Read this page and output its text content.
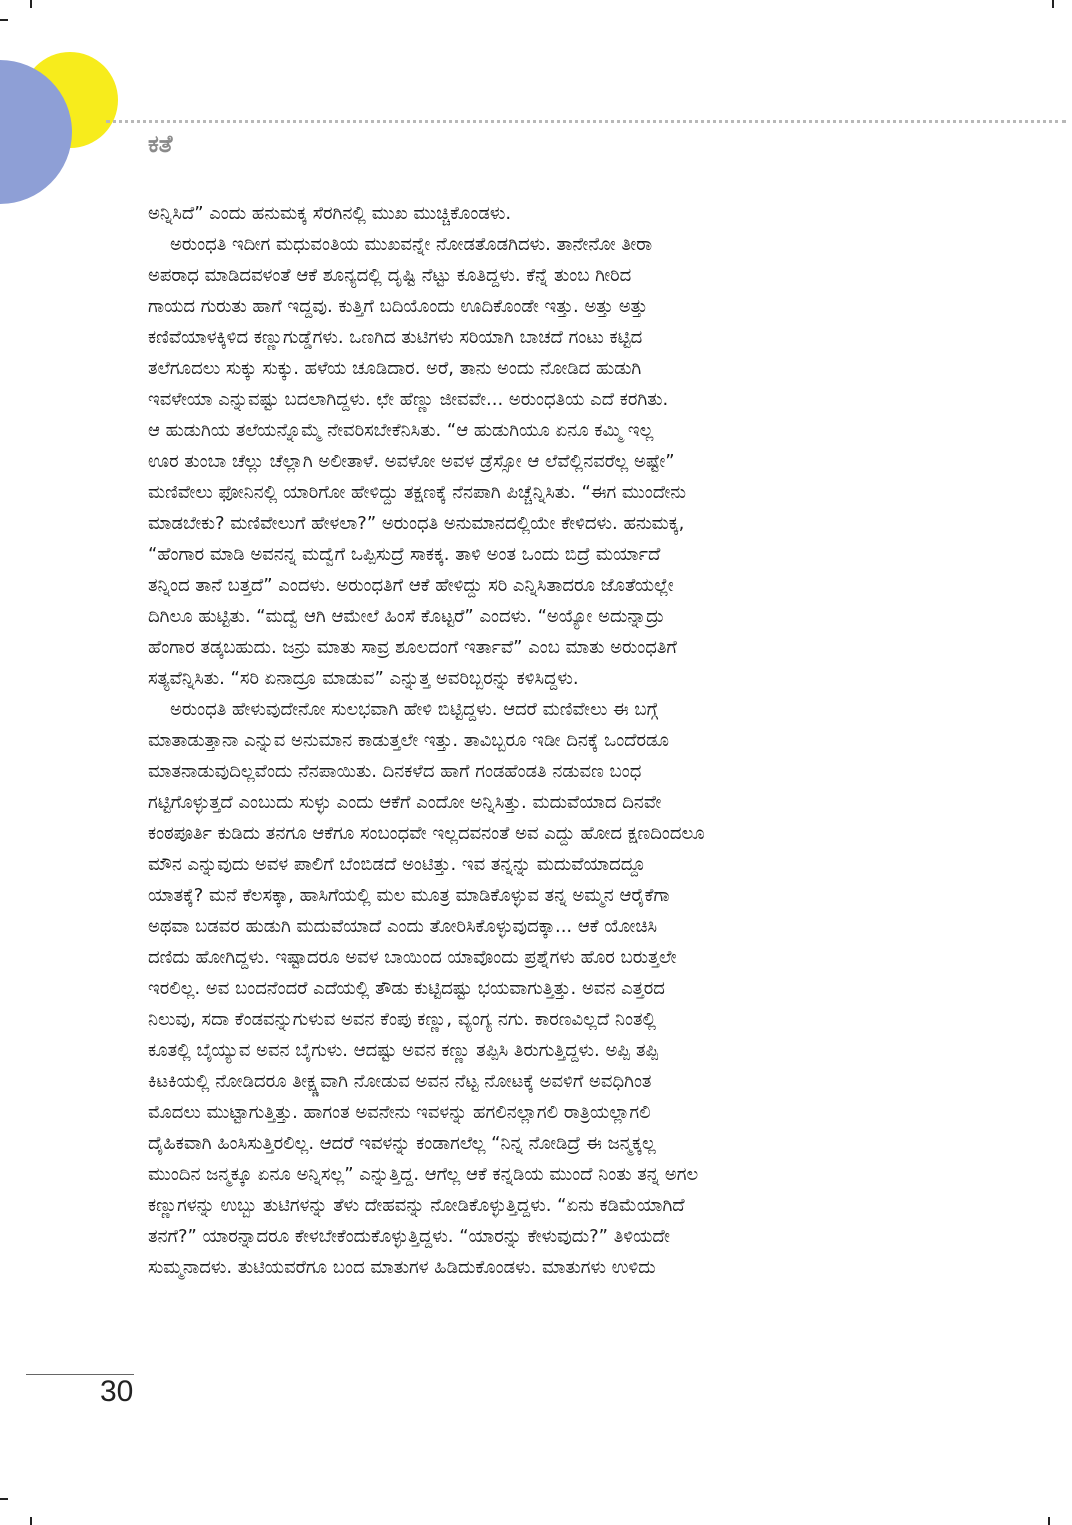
ಕತೆ
ಅನ್ನಿಸಿದೆ” ಎಂದು ಹನುಮಕ್ಕ ಸೆರಗಿನಲ್ಲಿ ಮುಖ ಮುಚ್ಚಿಕೊಂಡಳು.
ಅರುಂಧತಿ ಇದೀಗ ಮಧುವಂತಿಯ ಮುಖವನ್ನೇ ನೋಡತೊಡಗಿದಳು. ತಾನೇನೋ ತೀರಾ
ಅಪರಾಧ ಮಾಡಿದವಳಂತೆ ಆಕೆ ಶೂನ್ಯದಲ್ಲಿ ದೃಷ್ಟಿ ನೆಟ್ಟು ಕೂತಿದ್ದಳು. ಕೆನ್ನೆ ತುಂಬ ಗೀರಿದ
ಗಾಯದ ಗುರುತು ಹಾಗೆ ಇದ್ದವು. ಕುತ್ತಿಗೆ ಬದಿಯೊಂದು ಊದಿಕೊಂಡೇ ಇತ್ತು. ಅತ್ತು ಅತ್ತು
ಕಣಿವೆಯಾಳಕ್ಕಿಳಿದ ಕಣ್ಣುಗುಡ್ಡೆಗಳು. ಒಣಗಿದ ತುಟಿಗಳು ಸರಿಯಾಗಿ ಬಾಚದೆ ಗಂಟು ಕಟ್ಟಿದ
ತಲೆಗೂದಲು ಸುಕ್ಕು ಸುಕ್ಕು. ಹಳೆಯ ಚೂಡಿದಾರ. ಅರೆ, ತಾನು ಅಂದು ನೋಡಿದ ಹುಡುಗಿ
ಇವಳೇಯಾ ಎನ್ನುವಷ್ಟು ಬದಲಾಗಿದ್ದಳು. ಛೇ ಹೆಣ್ಣು ಜೀವವೇ... ಅರುಂಧತಿಯ ಎದೆ ಕರಗಿತು.
ಆ ಹುಡುಗಿಯ ತಲೆಯನ್ನೊಮ್ಮೆ ನೇವರಿಸಬೇಕೆನಿಸಿತು. “ಆ ಹುಡುಗಿಯೂ ಏನೂ ಕಮ್ಮಿ ಇಲ್ಲ
ಊರ ತುಂಬಾ ಚೆಲ್ಲು ಚೆಲ್ಲಾಗಿ ಅಲೀತಾಳೆ. ಅವಳೋ ಅವಳ ಡ್ರೆಸ್ಸೋ ಆ ಲೆವೆಲ್ಲಿನವರೆಲ್ಲ ಅಷ್ಟೇ”
ಮಣಿವೇಲು ಫೋನಿನಲ್ಲಿ ಯಾರಿಗೋ ಹೇಳಿದ್ದು ತಕ್ಷಣಕ್ಕೆ ನೆನಪಾಗಿ ಪಿಚ್ಚೆನ್ನಿಸಿತು. “ಈಗ ಮುಂದೇನು
ಮಾಡಬೇಕು? ಮಣಿವೇಲುಗೆ ಹೇಳಲಾ?” ಅರುಂಧತಿ ಅನುಮಾನದಲ್ಲಿಯೇ ಕೇಳಿದಳು. ಹನುಮಕ್ಕ,
“ಹೆಂಗಾರ ಮಾಡಿ ಅವನನ್ನ ಮದ್ವೆಗೆ ಒಪ್ಪಿಸುದ್ರೆ ಸಾಕಕ್ಕ. ತಾಳಿ ಅಂತ ಒಂದು ಬಿದ್ರೆ ಮರ್ಯಾದೆ
ತನ್ನಿಂದ ತಾನೆ ಬತ್ತದೆ” ಎಂದಳು. ಅರುಂಧತಿಗೆ ಆಕೆ ಹೇಳಿದ್ದು ಸರಿ ಎನ್ನಿಸಿತಾದರೂ ಜೊತೆಯಲ್ಲೇ
ದಿಗಿಲೂ ಹುಟ್ಟಿತು. “ಮದ್ವೆ ಆಗಿ ಆಮೇಲೆ ಹಿಂಸೆ ಕೊಟ್ಟರೆ” ಎಂದಳು. “ಅಯ್ಯೋ ಅದುನ್ನಾದ್ರು
ಹೆಂಗಾರ ತಡ್ಕಬಹುದು. ಜನ್ರು ಮಾತು ಸಾವ್ರ ಶೂಲದಂಗೆ ಇರ್ತಾವೆ” ಎಂಬ ಮಾತು ಅರುಂಧತಿಗೆ
ಸತ್ಯವೆನ್ನಿಸಿತು. “ಸರಿ ಏನಾದ್ರೂ ಮಾಡುವ” ಎನ್ನುತ್ತ ಅವರಿಬ್ಬರನ್ನು ಕಳಿಸಿದ್ದಳು.
ಅರುಂಧತಿ ಹೇಳುವುದೇನೋ ಸುಲಭವಾಗಿ ಹೇಳಿ ಬಿಟ್ಟಿದ್ದಳು. ಆದರೆ ಮಣಿವೇಲು ಈ ಬಗ್ಗೆ
ಮಾತಾಡುತ್ತಾನಾ ಎನ್ನುವ ಅನುಮಾನ ಕಾಡುತ್ತಲೇ ಇತ್ತು. ತಾವಿಬ್ಬರೂ ಇಡೀ ದಿನಕ್ಕೆ ಒಂದೆರಡೂ
ಮಾತನಾಡುವುದಿಲ್ಲವೆಂದು ನೆನಪಾಯಿತು. ದಿನಕಳೆದ ಹಾಗೆ ಗಂಡಹೆಂಡತಿ ನಡುವಣ ಬಂಧ
ಗಟ್ಟಿಗೊಳ್ಳುತ್ತದೆ ಎಂಬುದು ಸುಳ್ಳು ಎಂದು ಆಕೆಗೆ ಎಂದೋ ಅನ್ನಿಸಿತ್ತು. ಮದುವೆಯಾದ ದಿನವೇ
ಕಂಠಪೂರ್ತಿ ಕುಡಿದು ತನಗೂ ಆಕೆಗೂ ಸಂಬಂಧವೇ ಇಲ್ಲದವನಂತೆ ಅವ ಎದ್ದು ಹೋದ ಕ್ಷಣದಿಂದಲೂ
ಮೌನ ಎನ್ನುವುದು ಅವಳ ಪಾಲಿಗೆ ಬೆಂಬಿಡದೆ ಅಂಟಿತ್ತು. ಇವ ತನ್ನನ್ನು ಮದುವೆಯಾದದ್ದೂ
ಯಾತಕ್ಕೆ? ಮನೆ ಕೆಲಸಕ್ಕಾ, ಹಾಸಿಗೆಯಲ್ಲಿ ಮಲ ಮೂತ್ರ ಮಾಡಿಕೊಳ್ಳುವ ತನ್ನ ಅಮ್ಮನ ಆರೈಕೆಗಾ
ಅಥವಾ ಬಡವರ ಹುಡುಗಿ ಮದುವೆಯಾದೆ ಎಂದು ತೋರಿಸಿಕೊಳ್ಳುವುದಕ್ಕಾ... ಆಕೆ ಯೋಚಿಸಿ
ದಣಿದು ಹೋಗಿದ್ದಳು. ಇಷ್ಟಾದರೂ ಅವಳ ಬಾಯಿಂದ ಯಾವೊಂದು ಪ್ರಶ್ನೆಗಳು ಹೊರ ಬರುತ್ತಲೇ
ಇರಲಿಲ್ಲ. ಅವ ಬಂದನೆಂದರೆ ಎದೆಯಲ್ಲಿ ತೌಡು ಕುಟ್ಟಿದಷ್ಟು ಭಯವಾಗುತ್ತಿತ್ತು. ಅವನ ಎತ್ತರದ
ನಿಲುವು, ಸದಾ ಕೆಂಡವನ್ನುಗುಳುವ ಅವನ ಕೆಂಪು ಕಣ್ಣು, ವ್ಯಂಗ್ಯ ನಗು. ಕಾರಣವಿಲ್ಲದೆ ನಿಂತಲ್ಲಿ
ಕೂತಲ್ಲಿ ಬೈಯ್ಯುವ ಅವನ ಬೈಗುಳು. ಆದಷ್ಟು ಅವನ ಕಣ್ಣು ತಪ್ಪಿಸಿ ತಿರುಗುತ್ತಿದ್ದಳು. ಅಪ್ಪಿ ತಪ್ಪಿ
ಕಿಟಕಿಯಲ್ಲಿ ನೋಡಿದರೂ ತೀಕ್ಷ್ಣವಾಗಿ ನೋಡುವ ಅವನ ನೆಟ್ಟ ನೋಟಕ್ಕೆ ಅವಳಿಗೆ ಅವಧಿಗಿಂತ
ಮೊದಲು ಮುಟ್ಟಾಗುತ್ತಿತ್ತು. ಹಾಗಂತ ಅವನೇನು ಇವಳನ್ನು ಹಗಲಿನಲ್ಲಾಗಲಿ ರಾತ್ರಿಯಲ್ಲಾಗಲಿ
ದೈಹಿಕವಾಗಿ ಹಿಂಸಿಸುತ್ತಿರಲಿಲ್ಲ. ಆದರೆ ಇವಳನ್ನು ಕಂಡಾಗಲೆಲ್ಲ “ನಿನ್ನ ನೋಡಿದ್ರೆ ಈ ಜನ್ಮಕ್ಕಲ್ಲ
ಮುಂದಿನ ಜನ್ಮಕ್ಕೂ ಏನೂ ಅನ್ನಿಸಲ್ಲ” ಎನ್ನುತ್ತಿದ್ದ. ಆಗೆಲ್ಲ ಆಕೆ ಕನ್ನಡಿಯ ಮುಂದೆ ನಿಂತು ತನ್ನ ಅಗಲ
ಕಣ್ಣುಗಳನ್ನು ಉಬ್ಬು ತುಟಿಗಳನ್ನು ತೆಳು ದೇಹವನ್ನು ನೋಡಿಕೊಳ್ಳುತ್ತಿದ್ದಳು. “ಏನು ಕಡಿಮೆಯಾಗಿದೆ
ತನಗೆ?” ಯಾರನ್ನಾದರೂ ಕೇಳಬೇಕೆಂದುಕೊಳ್ಳುತ್ತಿದ್ದಳು. “ಯಾರನ್ನು ಕೇಳುವುದು?” ತಿಳಿಯದೇ
ಸುಮ್ಮನಾದಳು. ತುಟಿಯವರೆಗೂ ಬಂದ ಮಾತುಗಳ ಹಿಡಿದುಕೊಂಡಳು. ಮಾತುಗಳು ಉಳಿದು
30
